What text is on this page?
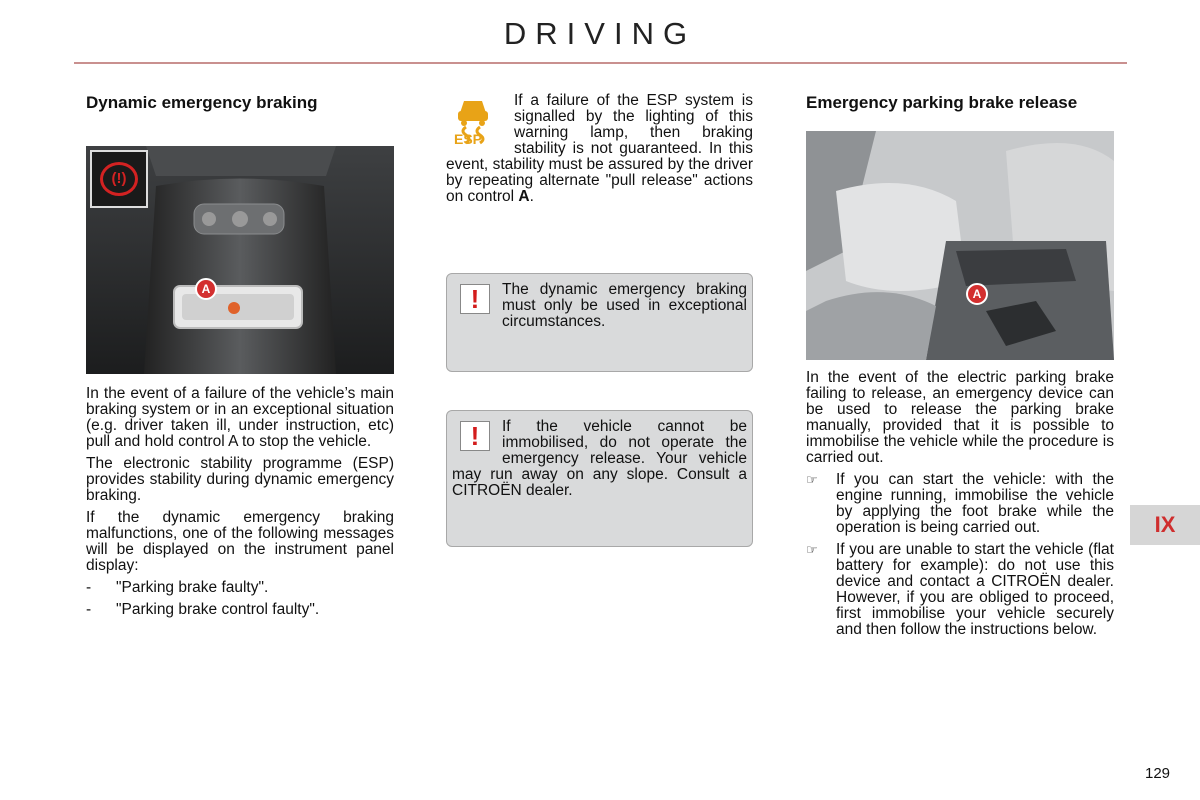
DRIVING
Dynamic emergency braking
(!)
A

In the event of a failure of the vehicle’s main braking system or in an exceptional situation (e.g. driver taken ill, under instruction, etc) pull and hold control A to stop the vehicle.

The electronic stability programme (ESP) provides stability during dynamic emergency braking.

If the dynamic emergency braking malfunctions, one of the following messages will be displayed on the instrument panel display:

-	"Parking brake faulty".
-	"Parking brake control faulty".
ESP
If a failure of the ESP system is signalled by the lighting of this warning lamp, then braking stability is not guaranteed. In this event, stability must be assured by the driver by repeating alternate "pull release" actions on control A.
!	The dynamic emergency braking must only be used in exceptional circumstances.
!	If the vehicle cannot be immobilised, do not operate the emergency release. Your vehicle may run away on any slope. Consult a CITROËN dealer.
Emergency parking brake release
A

In the event of the electric parking brake failing to release, an emergency device can be used to release the parking brake manually, provided that it is possible to immobilise the vehicle while the procedure is carried out.

☞	If you can start the vehicle: with the engine running, immobilise the vehicle by applying the foot brake while the operation is being carried out.
☞	If you are unable to start the vehicle (flat battery for example): do not use this device and contact a CITROËN dealer. However, if you are obliged to proceed, first immobilise your vehicle securely and then follow the instructions below.
IX
129
